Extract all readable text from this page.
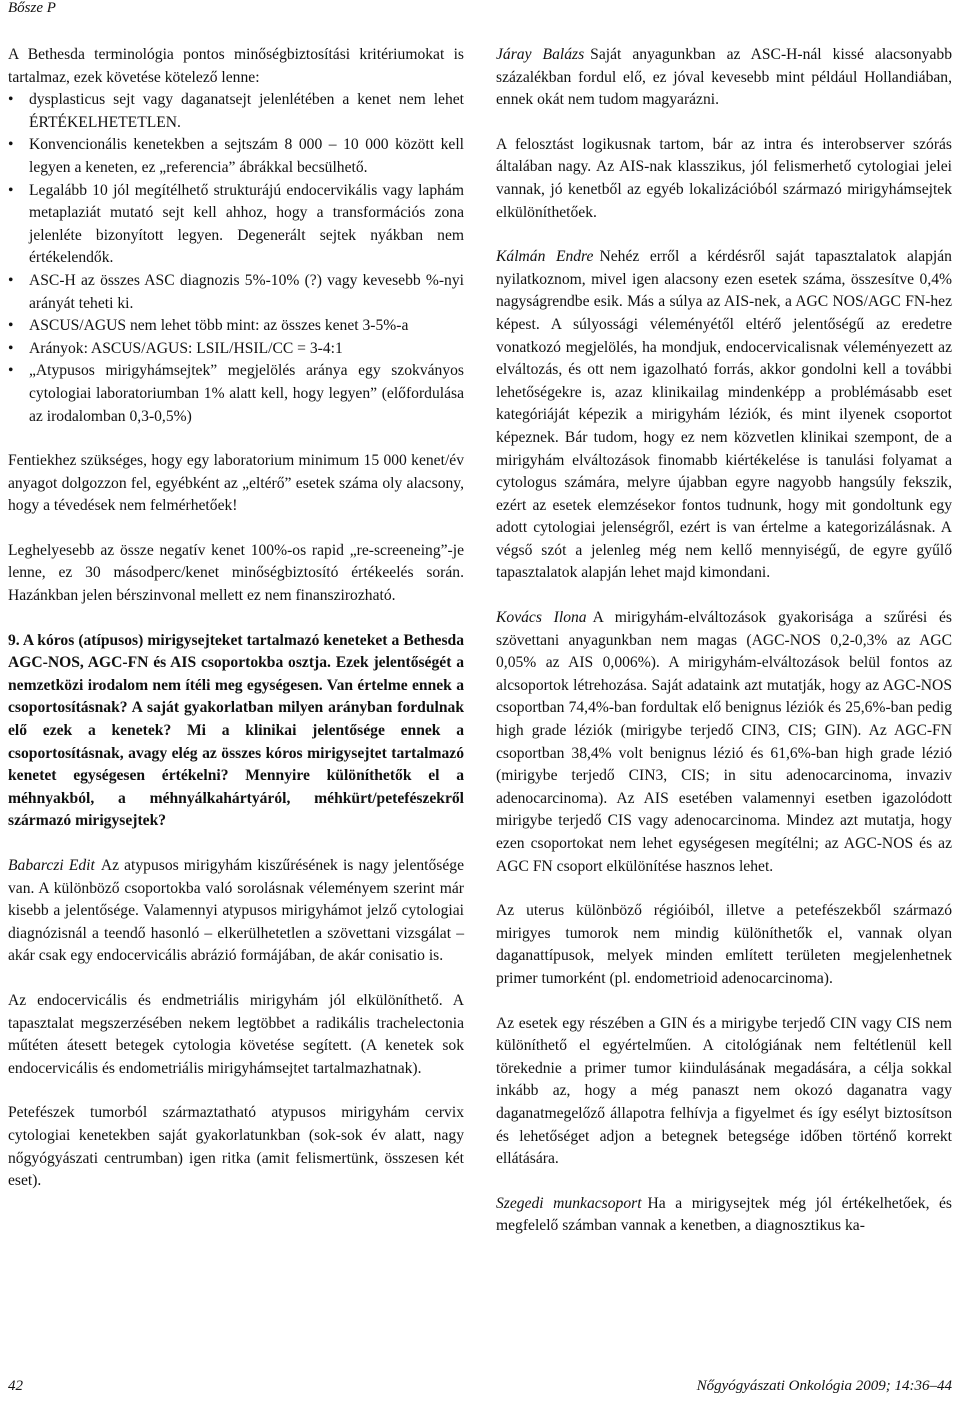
Bősze P

A Bethesda terminológia pontos minőségbiztosítási kritériumokat is tartalmaz, ezek követése kötelező lenne:

• dysplasticus sejt vagy daganatsejt jelenlétében a kenet nem lehet ÉRTÉKELHETETLEN.
• Konvencionális kenetekben a sejtszám 8 000 – 10 000 között kell legyen a keneten, ez „referencia” ábrákkal becsülhető.
• Legalább 10 jól megítélhető strukturájú endocervikális vagy laphám metaplaziát mutató sejt kell ahhoz, hogy a transformációs zona jelenléte bizonyított legyen. Degenerált sejtek nyákban nem értékelendők.
• ASC-H az összes ASC diagnozis 5%-10% (?) vagy kevesebb %-nyi arányát teheti ki.
• ASCUS/AGUS nem lehet több mint: az összes kenet 3-5%-a
• Arányok: ASCUS/AGUS: LSIL/HSIL/CC = 3-4:1
• „Atypusos mirigyhámsejtek” megjelölés aránya egy szokványos cytologiai laboratoriumban 1% alatt kell, hogy legyen” (előfordulása az irodalomban 0,3-0,5%)

Fentiekhez szükséges, hogy egy laboratorium minimum 15 000 kenet/év anyagot dolgozzon fel, egyébként az „eltérő” esetek száma oly alacsony, hogy a tévedések nem felmérhetőek!

Leghelyesebb az össze negatív kenet 100%-os rapid „re-screeneing”-je lenne, ez 30 másodperc/kenet minőségbiztosító értékeelés során. Hazánkban jelen bérszinvonal mellett ez nem finanszirozható.

9. A kóros (atípusos) mirigysejteket tartalmazó keneteket a Bethesda AGC-NOS, AGC-FN és AIS csoportokba osztja. Ezek jelentőségét a nemzetközi irodalom nem ítéli meg egységesen. Van értelme ennek a csoportosításnak? A saját gyakorlatban milyen arányban fordulnak elő ezek a kenetek? Mi a klinikai jelentősége ennek a csoportosításnak, avagy elég az összes kóros mirigysejtet tartalmazó kenetet egységesen értékelni? Mennyire különíthetők el a méhnyakból, a méhnyálkahártyáról, méhkürt/petefészekről származó mirigysejtek?

Babarczi Edit Az atypusos mirigyhám kiszűrésének is nagy jelentősége van. A különböző csoportokba való sorolásnak véleményem szerint már kisebb a jelentősége. Valamennyi atypusos mirigyhámot jelző cytologiai diagnózisnál a teendő hasonló – elkerülhetetlen a szövettani vizsgálat – akár csak egy endocervicális abrázió formájában, de akár conisatio is.

Az endocervicális és endmetriális mirigyhám jól elkülöníthető. A tapasztalat megszerzésében nekem legtöbbet a radikális trachelectonia műtéten átesett betegek cytologia követése segített. (A kenetek sok endocervicális és endometriális mirigyhámsejtet tartalmazhatnak).

Petefészek tumorból származtatható atypusos mirigyhám cervix cytologiai kenetekben saját gyakorlatunkban (sok-sok év alatt, nagy nőgyógyászati centrumban) igen ritka (amit felismertünk, összesen két eset).

Járay Balázs Saját anyagunkban az ASC-H-nál kissé alacsonyabb százalékban fordul elő, ez jóval kevesebb mint például Hollandiában, ennek okát nem tudom magyarázni.

A felosztást logikusnak tartom, bár az intra és interobserver szórás általában nagy. Az AIS-nak klasszikus, jól felismerhető cytologiai jelei vannak, jó kenetből az egyéb lokalizációból származó mirigyhámsejtek elkülöníthetőek.

Kálmán Endre Nehéz erről a kérdésről saját tapasztalatok alapján nyilatkoznom, mivel igen alacsony ezen esetek száma, összesítve 0,4% nagyságrendbe esik. Más a súlya az AIS-nek, a AGC NOS/AGC FN-hez képest. A súlyossági véleményétől eltérő jelentőségű az eredetre vonatkozó megjelölés, ha mondjuk, endocervicalisnak véleményezett az elváltozás, és ott nem igazolható forrás, akkor gondolni kell a további lehetőségekre is, azaz klinikailag mindenképp a problémásabb eset kategóriáját képezik a mirigyhám léziók, és mint ilyenek csoportot képeznek. Bár tudom, hogy ez nem közvetlen klinikai szempont, de a mirigyhám elváltozások finomabb kiértékelése is tanulási folyamat a cytologus számára, melyre újabban egyre nagyobb hangsúly fekszik, ezért az esetek elemzésekor fontos tudnunk, hogy mit gondoltunk egy adott cytologiai jelenségről, ezért is van értelme a kategorizálásnak. A végső szót a jelenleg még nem kellő mennyiségű, de egyre gyűlő tapasztalatok alapján lehet majd kimondani.

Kovács Ilona A mirigyhám-elváltozások gyakorisága a szűrési és szövettani anyagunkban nem magas (AGC-NOS 0,2-0,3% az AGC 0,05% az AIS 0,006%). A mirigyhám-elváltozások belül fontos az alcsoportok létrehozása. Saját adataink azt mutatják, hogy az AGC-NOS csoportban 74,4%-ban fordultak elő benignus léziók és 25,6%-ban pedig high grade léziók (mirigybe terjedő CIN3, CIS; GIN). Az AGC-FN csoportban 38,4% volt benignus lézió és 61,6%-ban high grade lézió (mirigybe terjedő CIN3, CIS; in situ adenocarcinoma, invaziv adenocarcinoma). Az AIS esetében valamennyi esetben igazolódott mirigybe terjedő CIS vagy adenocarcinoma. Mindez azt mutatja, hogy ezen csoportokat nem lehet egységesen megítélni; az AGC-NOS és az AGC FN csoport elkülönítése hasznos lehet.

Az uterus különböző régióiból, illetve a petefészekből származó mirigyes tumorok nem mindig különíthetők el, vannak olyan daganattípusok, melyek minden említett területen megjelenhetnek primer tumorként (pl. endometrioid adenocarcinoma).

Az esetek egy részében a GIN és a mirigybe terjedő CIN vagy CIS nem különíthető el egyértelműen. A citológiának nem feltétlenül kell törekednie a primer tumor kiindulásának megadására, a célja sokkal inkább az, hogy a még panaszt nem okozó daganatra vagy daganatmegelőző állapotra felhívja a figyelmet és így esélyt biztosítson és lehetőséget adjon a betegnek betegsége időben történő korrekt ellátására.

Szegedi munkacsoport Ha a mirigysejtek még jól értékelhetőek, és megfelelő számban vannak a kenetben, a diagnosztikus ka-

42	Nőgyógyászati Onkológia 2009; 14:36–44
